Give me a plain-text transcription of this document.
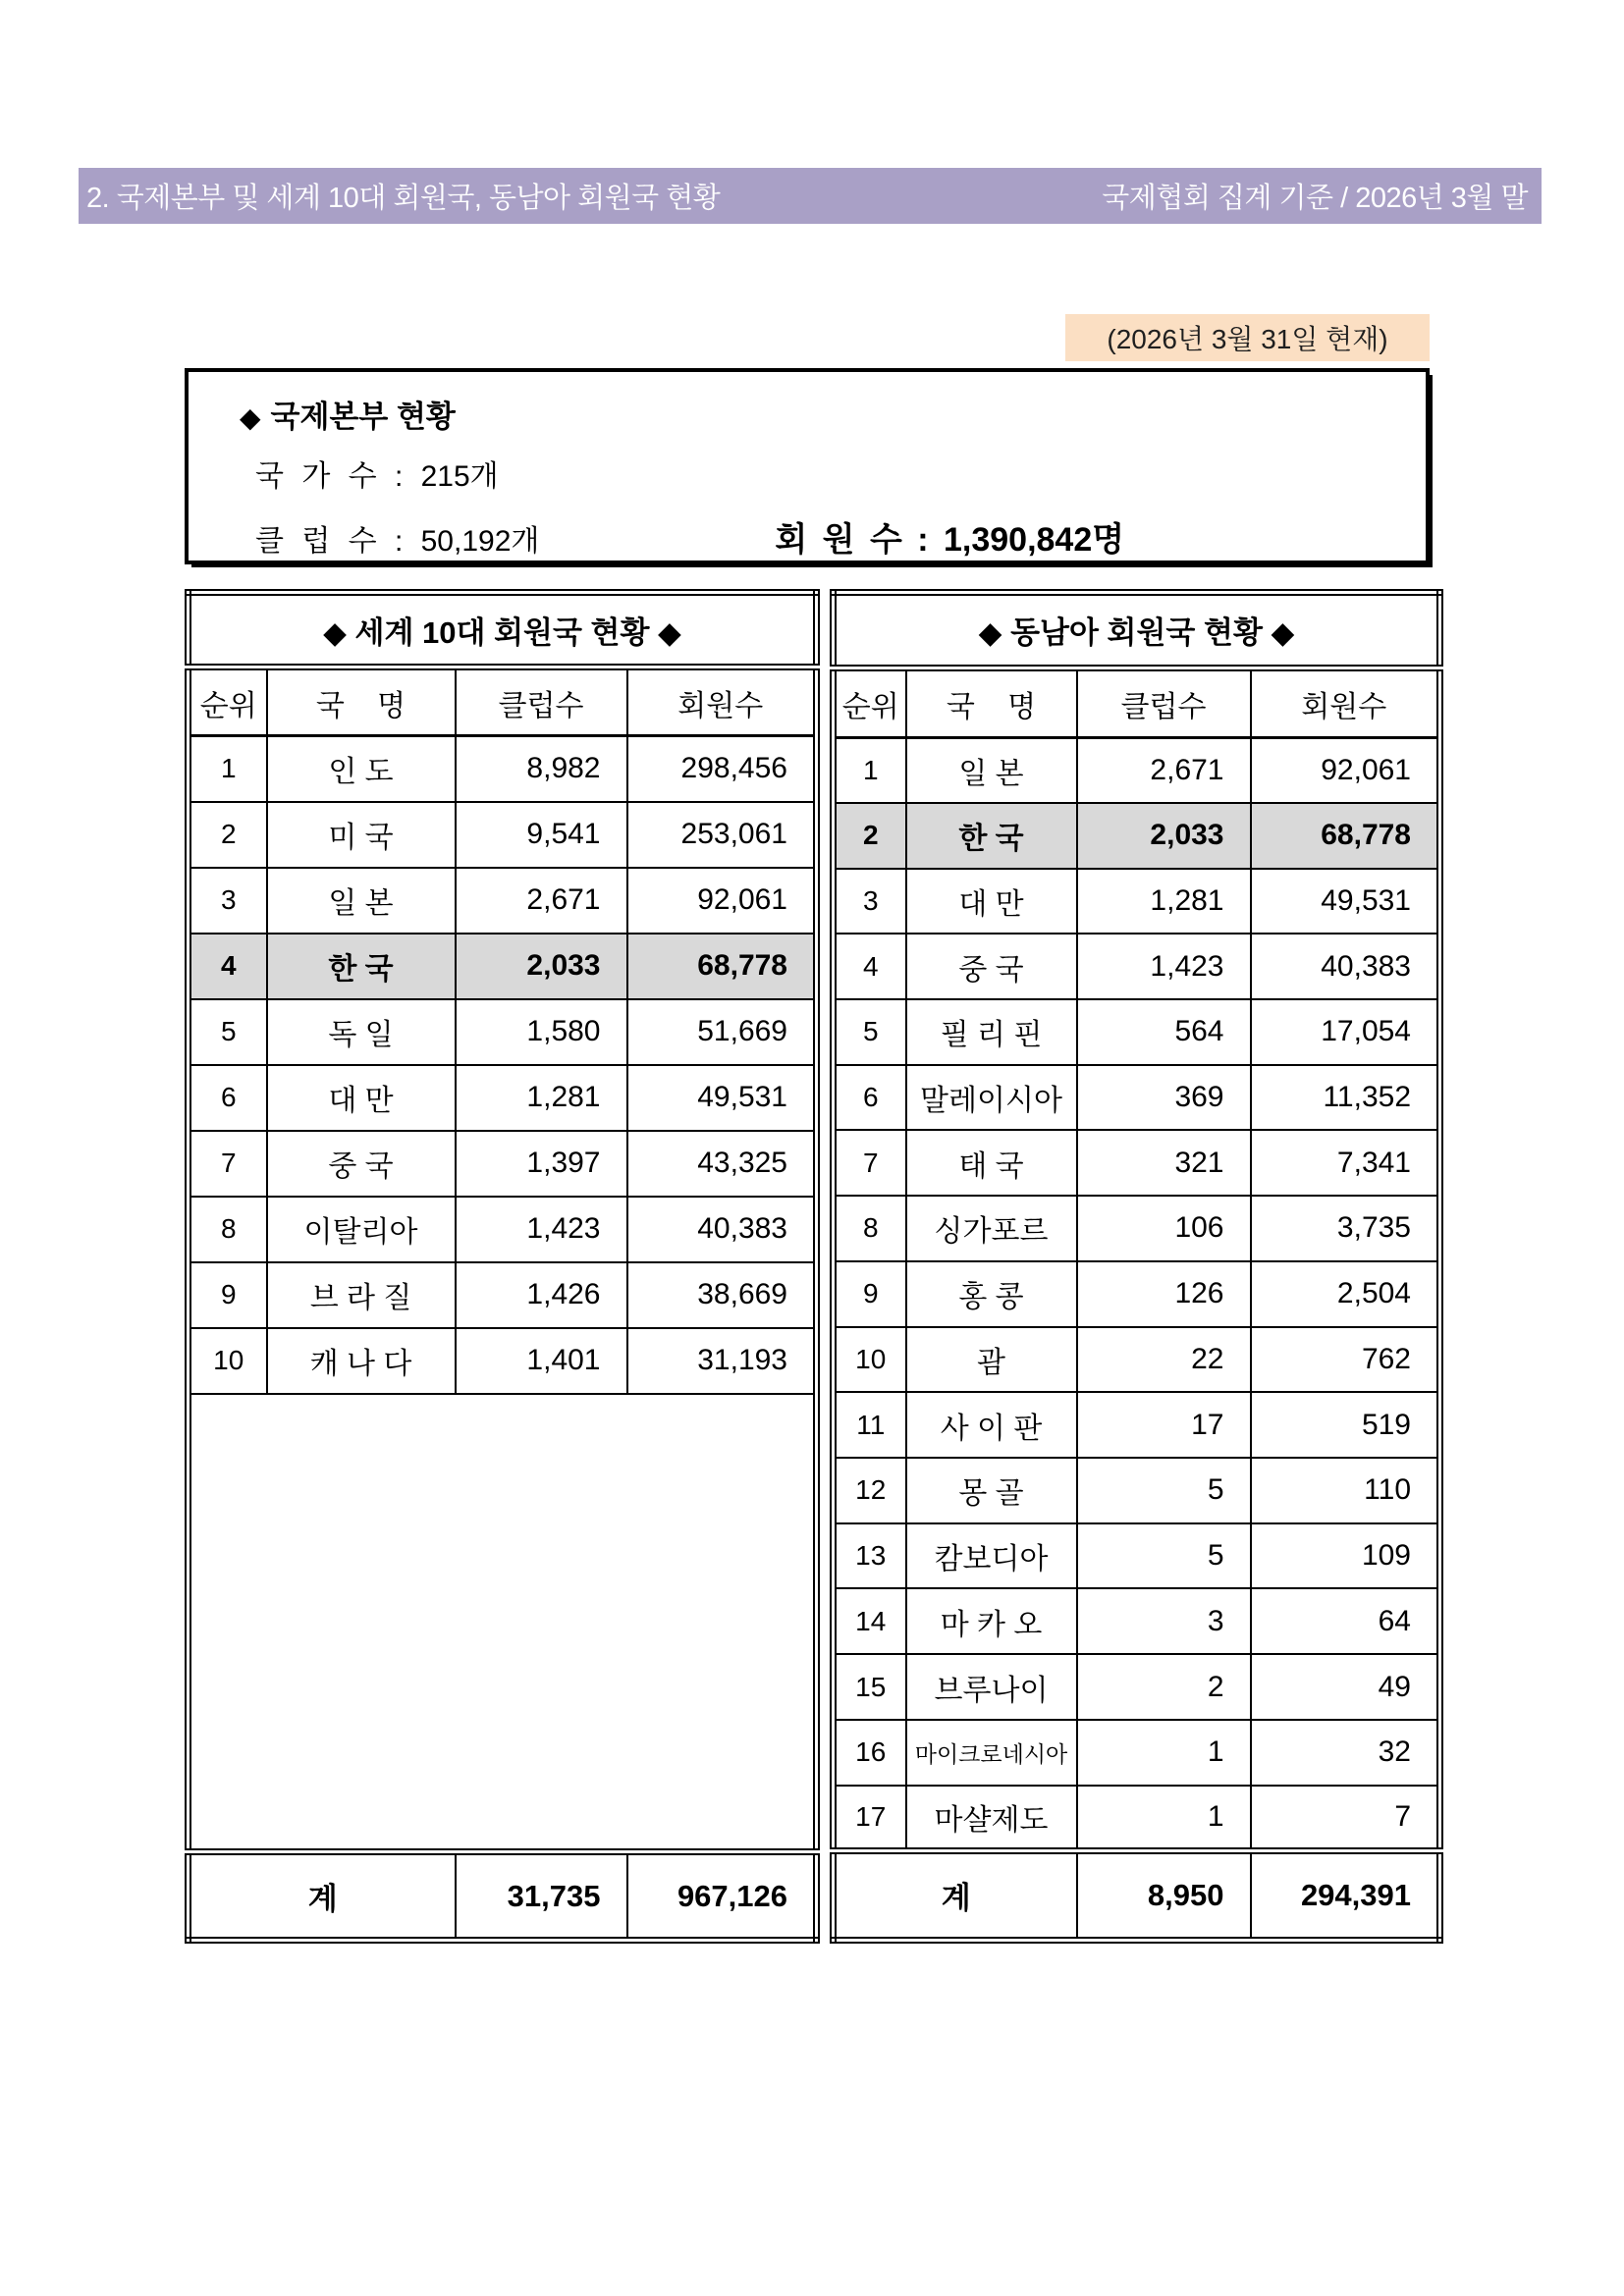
2. 국제본부 및 세계 10대 회원국, 동남아 회원국 현황	국제협회 집계 기준 / 2026년 3월 말
(2026년 3월 31일 현재)
◆ 국제본부 현황
국 가 수 : 215개
클 럽 수 : 50,192개	회 원 수 : 1,390,842명
◆ 세계 10대 회원국 현황 ◆			
순위	국    명	클럽수	회원수
1	인 도	8,982	298,456
2	미 국	9,541	253,061
3	일 본	2,671	92,061
4	한 국	2,033	68,778
5	독 일	1,580	51,669
6	대 만	1,281	49,531
7	중 국	1,397	43,325
8	이탈리아	1,423	40,383
9	브 라 질	1,426	38,669
10	캐 나 다	1,401	31,193

계		31,735	967,126
◆ 동남아 회원국 현황 ◆			
순위	국    명	클럽수	회원수
1	일 본	2,671	92,061
2	한 국	2,033	68,778
3	대 만	1,281	49,531
4	중 국	1,423	40,383
5	필 리 핀	564	17,054
6	말레이시아	369	11,352
7	태 국	321	7,341
8	싱가포르	106	3,735
9	홍 콩	126	2,504
10	괌	22	762
11	사 이 판	17	519
12	몽 골	5	110
13	캄보디아	5	109
14	마 카 오	3	64
15	브루나이	2	49
16	마이크로네시아	1	32
17	마샬제도	1	7
계		8,950	294,391
